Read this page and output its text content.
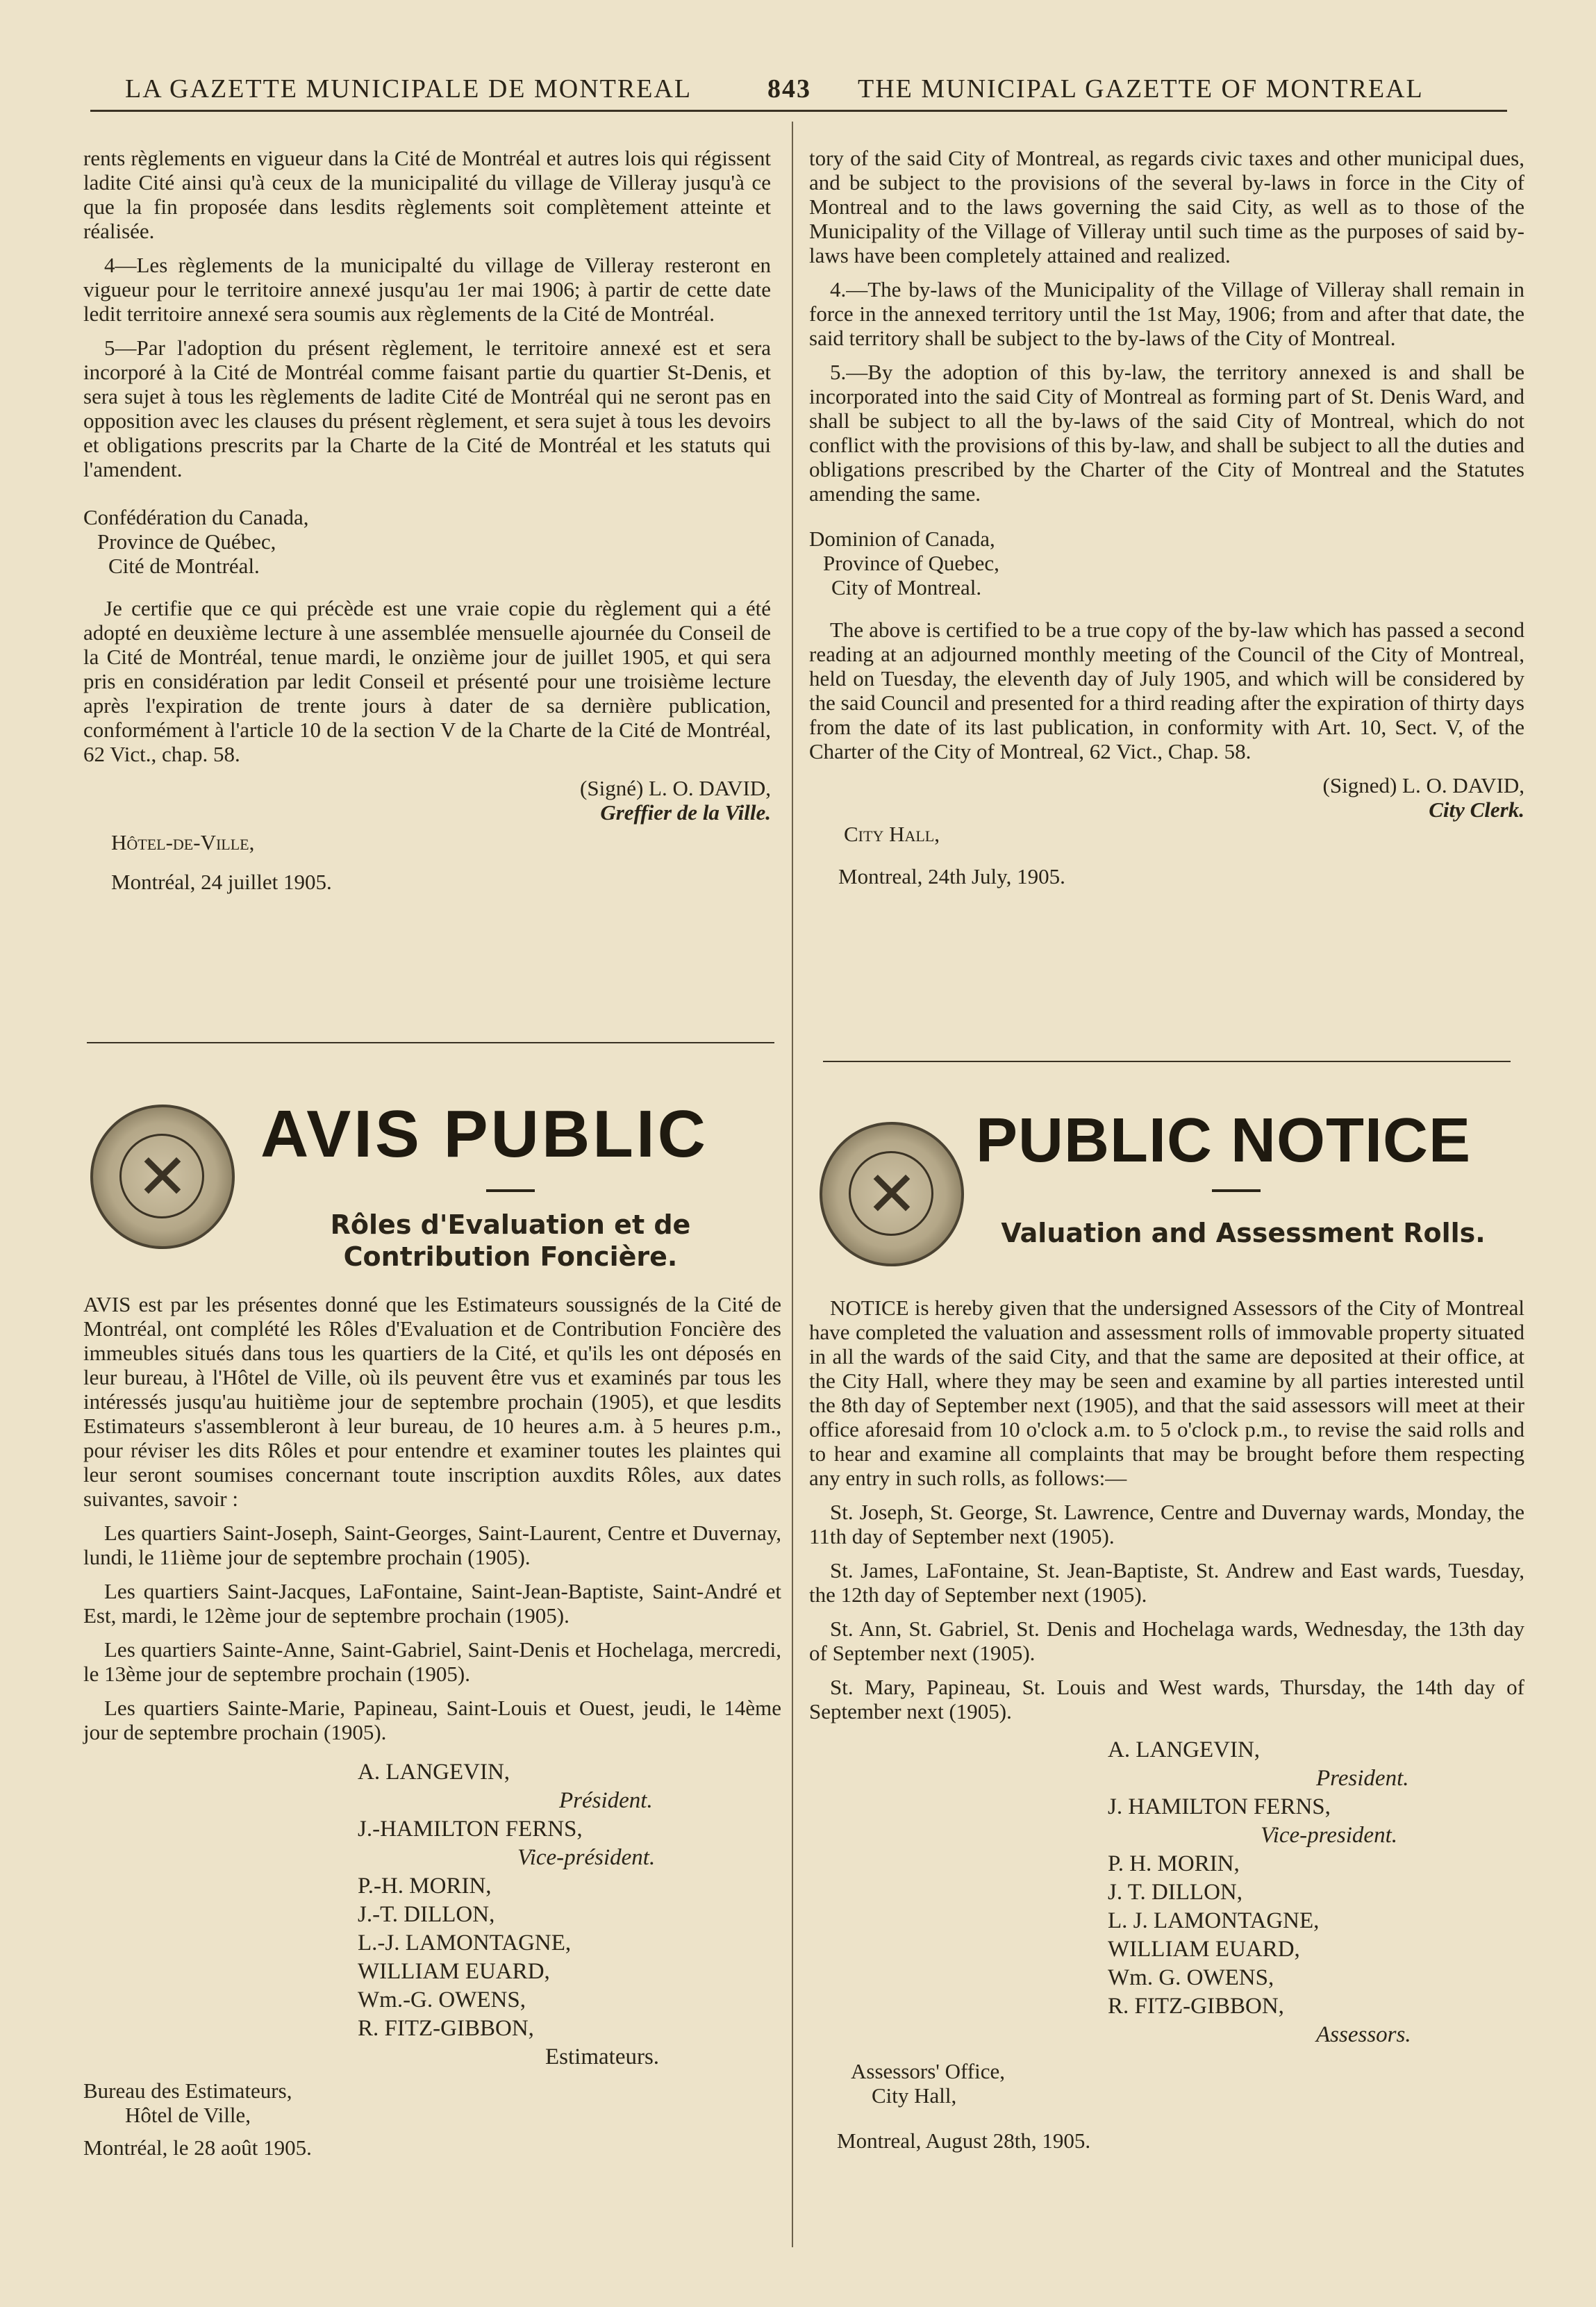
LA GAZETTE MUNICIPALE DE MONTREAL	843 THE MUNICIPAL GAZETTE OF MONTREAL

rents règlements en vigueur dans la Cité de Montréal et autres lois qui régissent ladite Cité ainsi qu'à ceux de la municipalité du village de Villeray jusqu'à ce que la fin proposée dans lesdits règlements soit complètement atteinte et réalisée.

4—Les règlements de la municipalté du village de Villeray resteront en vigueur pour le territoire annexé jusqu'au 1er mai 1906; à partir de cette date ledit territoire annexé sera soumis aux règlements de la Cité de Montréal.

5—Par l'adoption du présent règlement, le territoire annexé est et sera incorporé à la Cité de Montréal comme faisant partie du quartier St-Denis, et sera sujet à tous les règlements de ladite Cité de Montréal qui ne seront pas en opposition avec les clauses du présent règlement, et sera sujet à tous les devoirs et obligations prescrits par la Charte de la Cité de Montréal et les statuts qui l'amendent.

Confédération du Canada,
Province de Québec,
Cité de Montréal.

Je certifie que ce qui précède est une vraie copie du règlement qui a été adopté en deuxième lecture à une assemblée mensuelle ajournée du Conseil de la Cité de Montréal, tenue mardi, le onzième jour de juillet 1905, et qui sera pris en considération par ledit Conseil et présenté pour une troisième lecture après l'expiration de trente jours à dater de sa dernière publication, conformément à l'article 10 de la section V de la Charte de la Cité de Montréal, 62 Vict., chap. 58.

(Signé) L. O. DAVID,
Greffier de la Ville.
Hôtel-de-Ville,
Montréal, 24 juillet 1905.

tory of the said City of Montreal, as regards civic taxes and other municipal dues, and be subject to the provisions of the several by-laws in force in the City of Montreal and to the laws governing the said City, as well as to those of the Municipality of the Village of Villeray until such time as the purposes of said by-laws have been completely attained and realized.

4.—The by-laws of the Municipality of the Village of Villeray shall remain in force in the annexed territory until the 1st May, 1906; from and after that date, the said territory shall be subject to the by-laws of the City of Montreal.

5.—By the adoption of this by-law, the territory annexed is and shall be incorporated into the said City of Montreal as forming part of St. Denis Ward, and shall be subject to all the by-laws of the said City of Montreal, which do not conflict with the provisions of this by-law, and shall be subject to all the duties and obligations prescribed by the Charter of the City of Montreal and the Statutes amending the same.

Dominion of Canada,
Province of Quebec,
City of Montreal.

The above is certified to be a true copy of the by-law which has passed a second reading at an adjourned monthly meeting of the Council of the City of Montreal, held on Tuesday, the eleventh day of July 1905, and which will be considered by the said Council and presented for a third reading after the expiration of thirty days from the date of its last publication, in conformity with Art. 10, Sect. V, of the Charter of the City of Montreal, 62 Vict., Chap. 58.

(Signed) L. O. DAVID,
City Clerk.
City Hall,
Montreal, 24th July, 1905.
✕
AVIS PUBLIC
Rôles d'Evaluation et de Contribution Foncière.

AVIS est par les présentes donné que les Estimateurs soussignés de la Cité de Montréal, ont complété les Rôles d'Evaluation et de Contribution Foncière des immeubles situés dans tous les quartiers de la Cité, et qu'ils les ont déposés en leur bureau, à l'Hôtel de Ville, où ils peuvent être vus et examinés par tous les intéressés jusqu'au huitième jour de septembre prochain (1905), et que lesdits Estimateurs s'assembleront à leur bureau, de 10 heures a.m. à 5 heures p.m., pour réviser les dits Rôles et pour entendre et examiner toutes les plaintes qui leur seront soumises concernant toute inscription auxdits Rôles, aux dates suivantes, savoir :

Les quartiers Saint-Joseph, Saint-Georges, Saint-Laurent, Centre et Duvernay, lundi, le 11ième jour de septembre prochain (1905).

Les quartiers Saint-Jacques, LaFontaine, Saint-Jean-Baptiste, Saint-André et Est, mardi, le 12ème jour de septembre prochain (1905).

Les quartiers Sainte-Anne, Saint-Gabriel, Saint-Denis et Hochelaga, mercredi, le 13ème jour de septembre prochain (1905).

Les quartiers Sainte-Marie, Papineau, Saint-Louis et Ouest, jeudi, le 14ème jour de septembre prochain (1905).

A. LANGEVIN,
Président.
J.-HAMILTON FERNS,
Vice-président.
P.-H. MORIN,
J.-T. DILLON,
L.-J. LAMONTAGNE,
WILLIAM EUARD,
Wm.-G. OWENS,
R. FITZ-GIBBON,
Estimateurs.
Bureau des Estimateurs,
Hôtel de Ville,
Montréal, le 28 août 1905.
✕
PUBLIC NOTICE
Valuation and Assessment Rolls.

NOTICE is hereby given that the undersigned Assessors of the City of Montreal have completed the valuation and assessment rolls of immovable property situated in all the wards of the said City, and that the same are deposited at their office, at the City Hall, where they may be seen and examine by all parties interested until the 8th day of September next (1905), and that the said assessors will meet at their office aforesaid from 10 o'clock a.m. to 5 o'clock p.m., to revise the said rolls and to hear and examine all complaints that may be brought before them respecting any entry in such rolls, as follows:—

St. Joseph, St. George, St. Lawrence, Centre and Duvernay wards, Monday, the 11th day of September next (1905).

St. James, LaFontaine, St. Jean-Baptiste, St. Andrew and East wards, Tuesday, the 12th day of September next (1905).

St. Ann, St. Gabriel, St. Denis and Hochelaga wards, Wednesday, the 13th day of September next (1905).

St. Mary, Papineau, St. Louis and West wards, Thursday, the 14th day of September next (1905).

A. LANGEVIN,
President.
J. HAMILTON FERNS,
Vice-president.
P. H. MORIN,
J. T. DILLON,
L. J. LAMONTAGNE,
WILLIAM EUARD,
Wm. G. OWENS,
R. FITZ-GIBBON,
Assessors.
Assessors' Office,
City Hall,
Montreal, August 28th, 1905.
